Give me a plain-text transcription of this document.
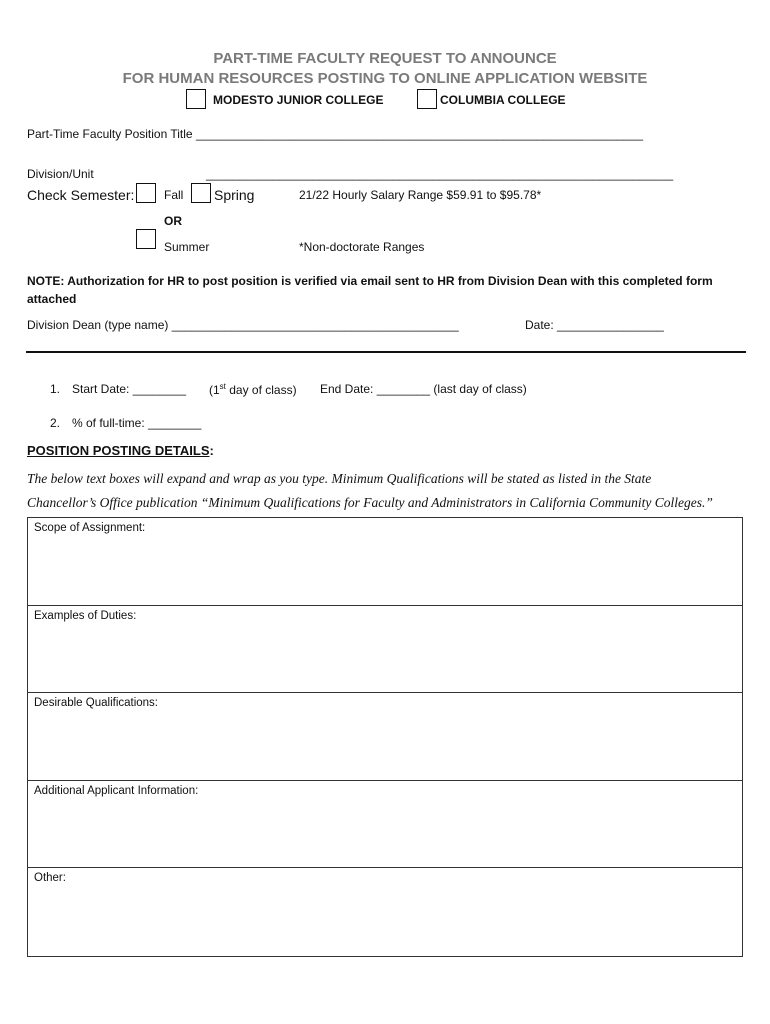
PART-TIME FACULTY REQUEST TO ANNOUNCE
FOR HUMAN RESOURCES POSTING TO ONLINE APPLICATION WEBSITE
MODESTO JUNIOR COLLEGE	COLUMBIA COLLEGE
Part-Time Faculty Position Title ___________________________________________________________________
Division/Unit	______________________________________________________________________
Check Semester: Fall Spring	21/22 Hourly Salary Range $59.91 to $95.78*
OR
Summer	*Non-doctorate Ranges
NOTE: Authorization for HR to post position is verified via email sent to HR from Division Dean with this completed form
attached
Division Dean (type name) ___________________________________________	Date: ________________
1. Start Date: ________ (1st day of class) End Date: ________ (last day of class)
2. % of full-time: ________
POSITION POSTING DETAILS:
The below text boxes will expand and wrap as you type. Minimum Qualifications will be stated as listed in the State
Chancellor’s Office publication “Minimum Qualifications for Faculty and Administrators in California Community Colleges.”
Scope of Assignment:
Examples of Duties:
Desirable Qualifications:
Additional Applicant Information:
Other:
